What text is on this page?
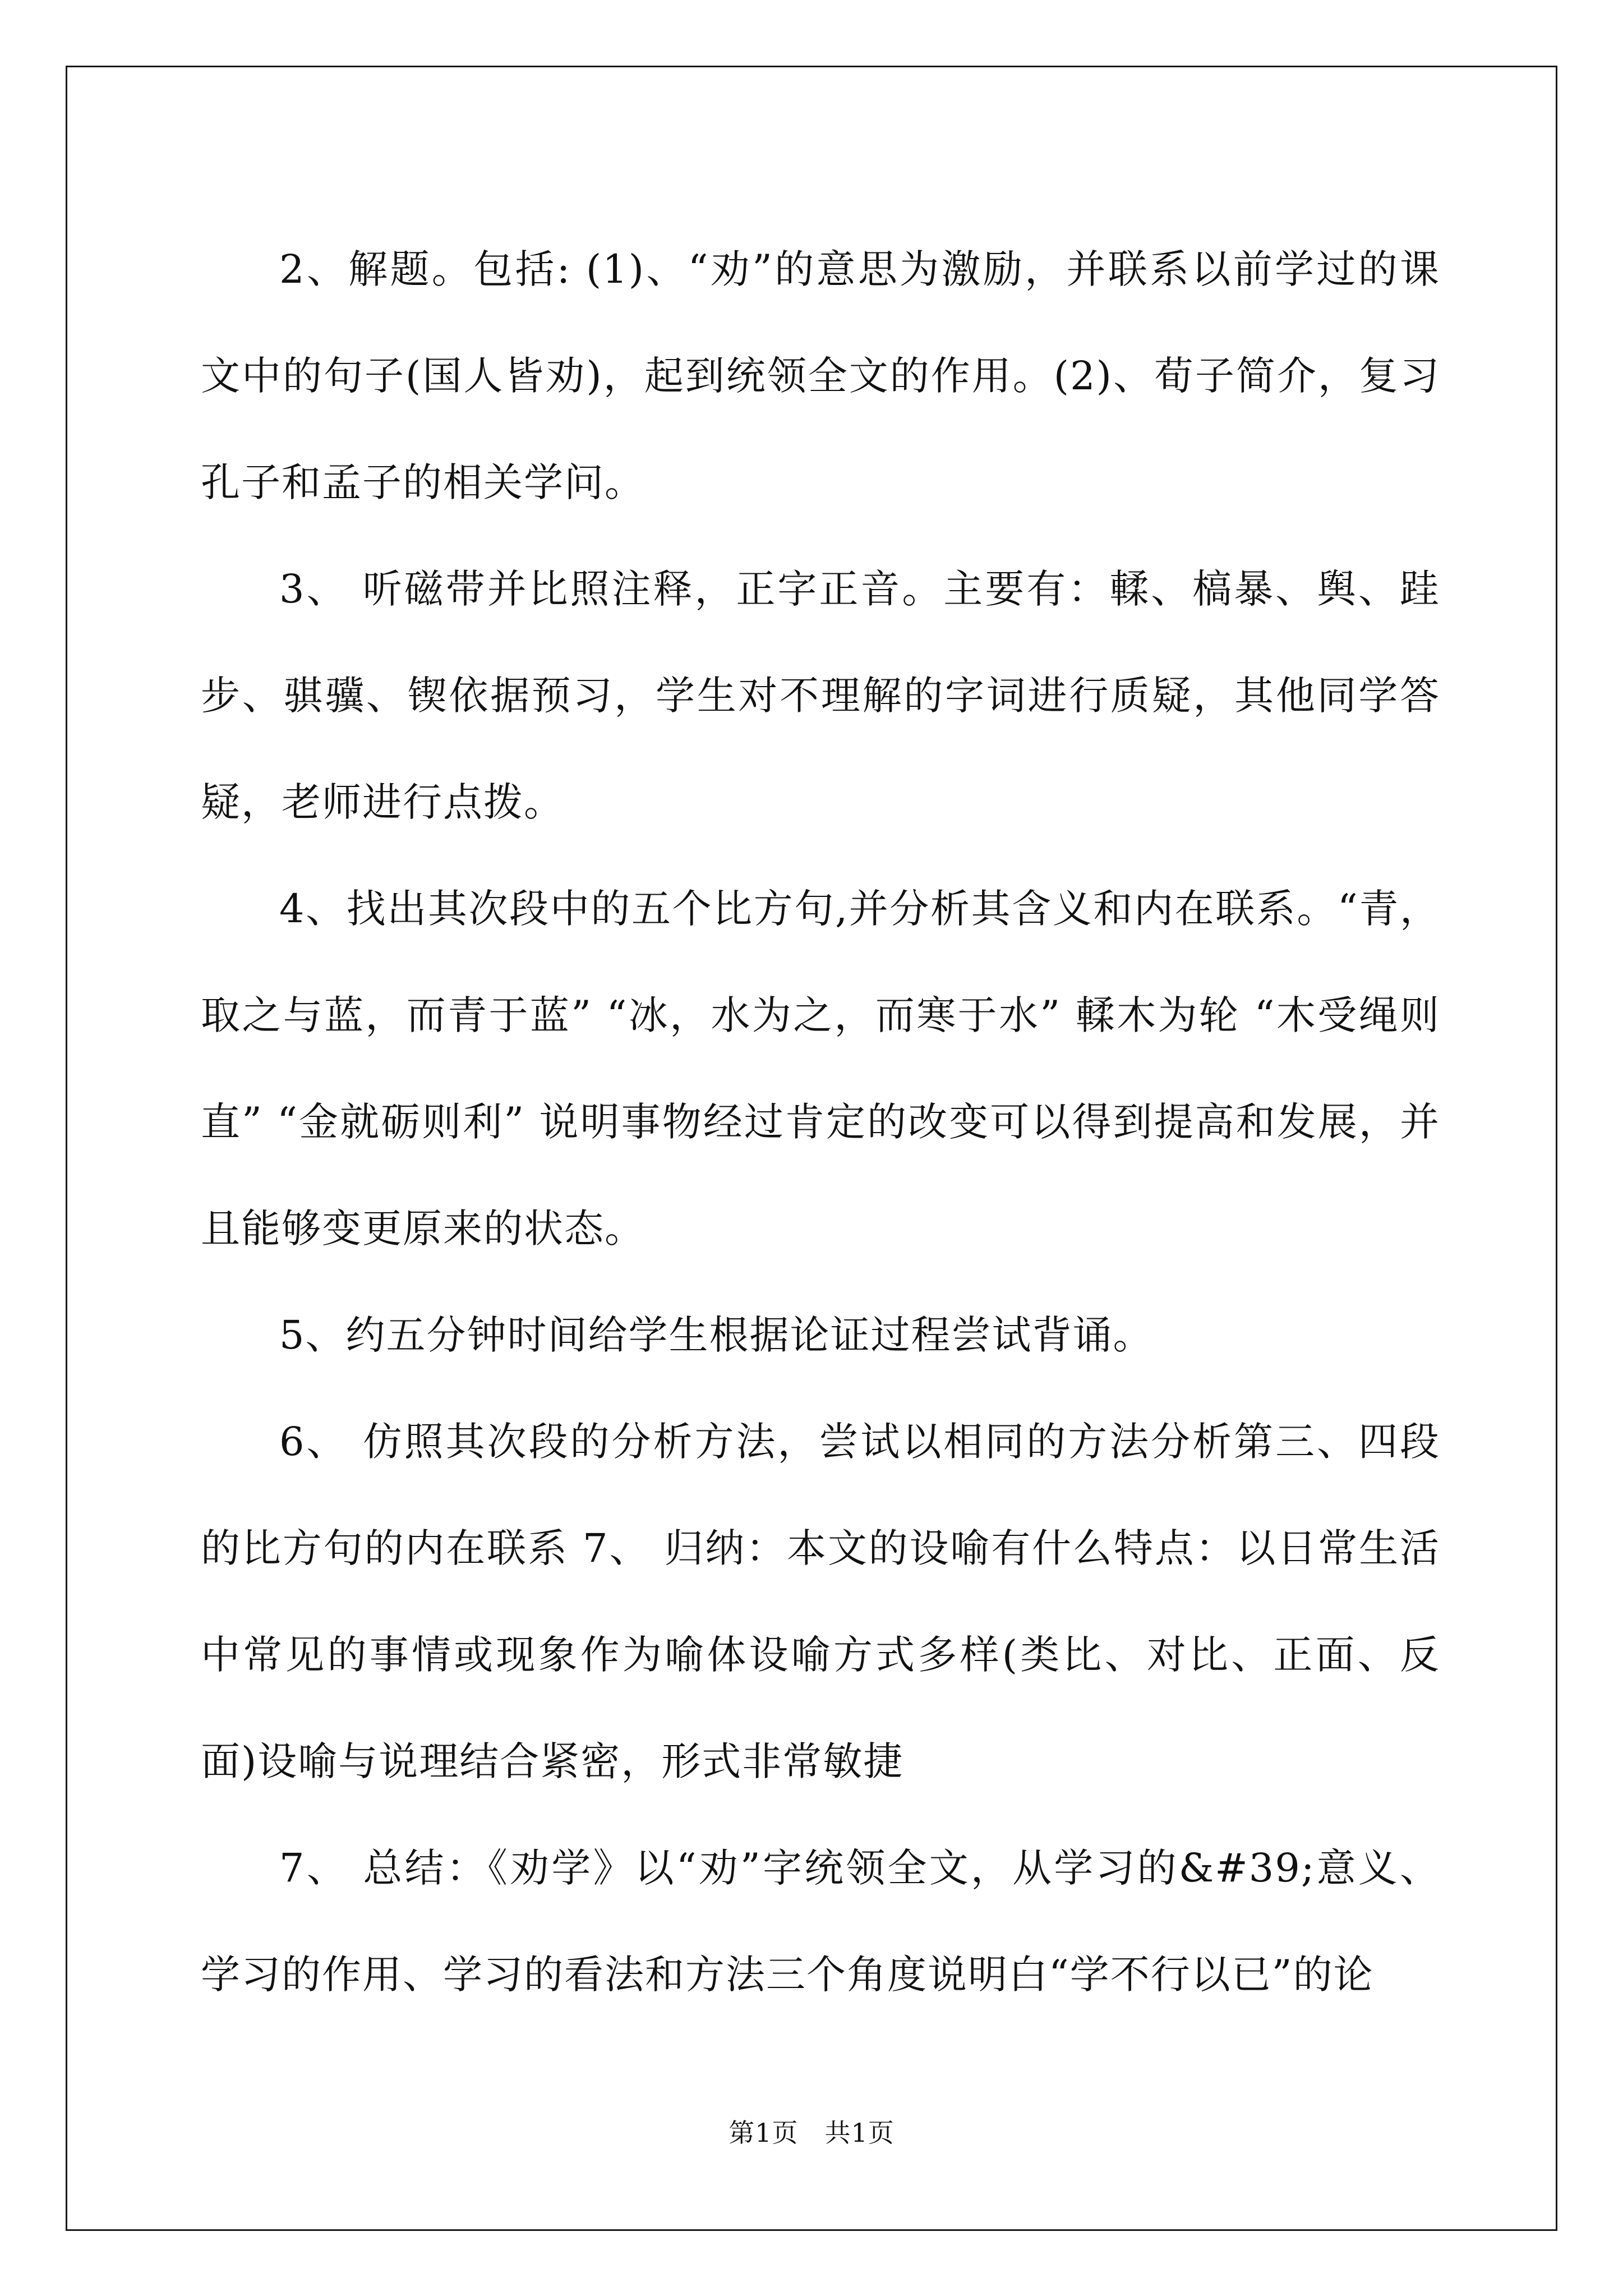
2、解题。包括: (1)、“劝”的意思为激励，并联系以前学过的课文中的句子(国人皆劝)，起到统领全文的作用。(2)、荀子简介，复习孔子和孟子的相关学问。

3、 听磁带并比照注释，正字正音。主要有：輮、槁暴、舆、跬步、骐骥、锲依据预习，学生对不理解的字词进行质疑，其他同学答疑，老师进行点拨。

4、找出其次段中的五个比方句,并分析其含义和内在联系。“青，取之与蓝，而青于蓝” “冰，水为之，而寒于水” 輮木为轮 “木受绳则直” “金就砺则利” 说明事物经过肯定的改变可以得到提高和发展，并且能够变更原来的状态。

5、约五分钟时间给学生根据论证过程尝试背诵。

6、 仿照其次段的分析方法，尝试以相同的方法分析第三、四段的比方句的内在联系 7、 归纳：本文的设喻有什么特点：以日常生活中常见的事情或现象作为喻体设喻方式多样(类比、对比、正面、反面)设喻与说理结合紧密，形式非常敏捷

7、 总结：《劝学》以“劝”字统领全文，从学习的&#39;意义、学习的作用、学习的看法和方法三个角度说明白“学不行以已”的论

第1页　共1页
